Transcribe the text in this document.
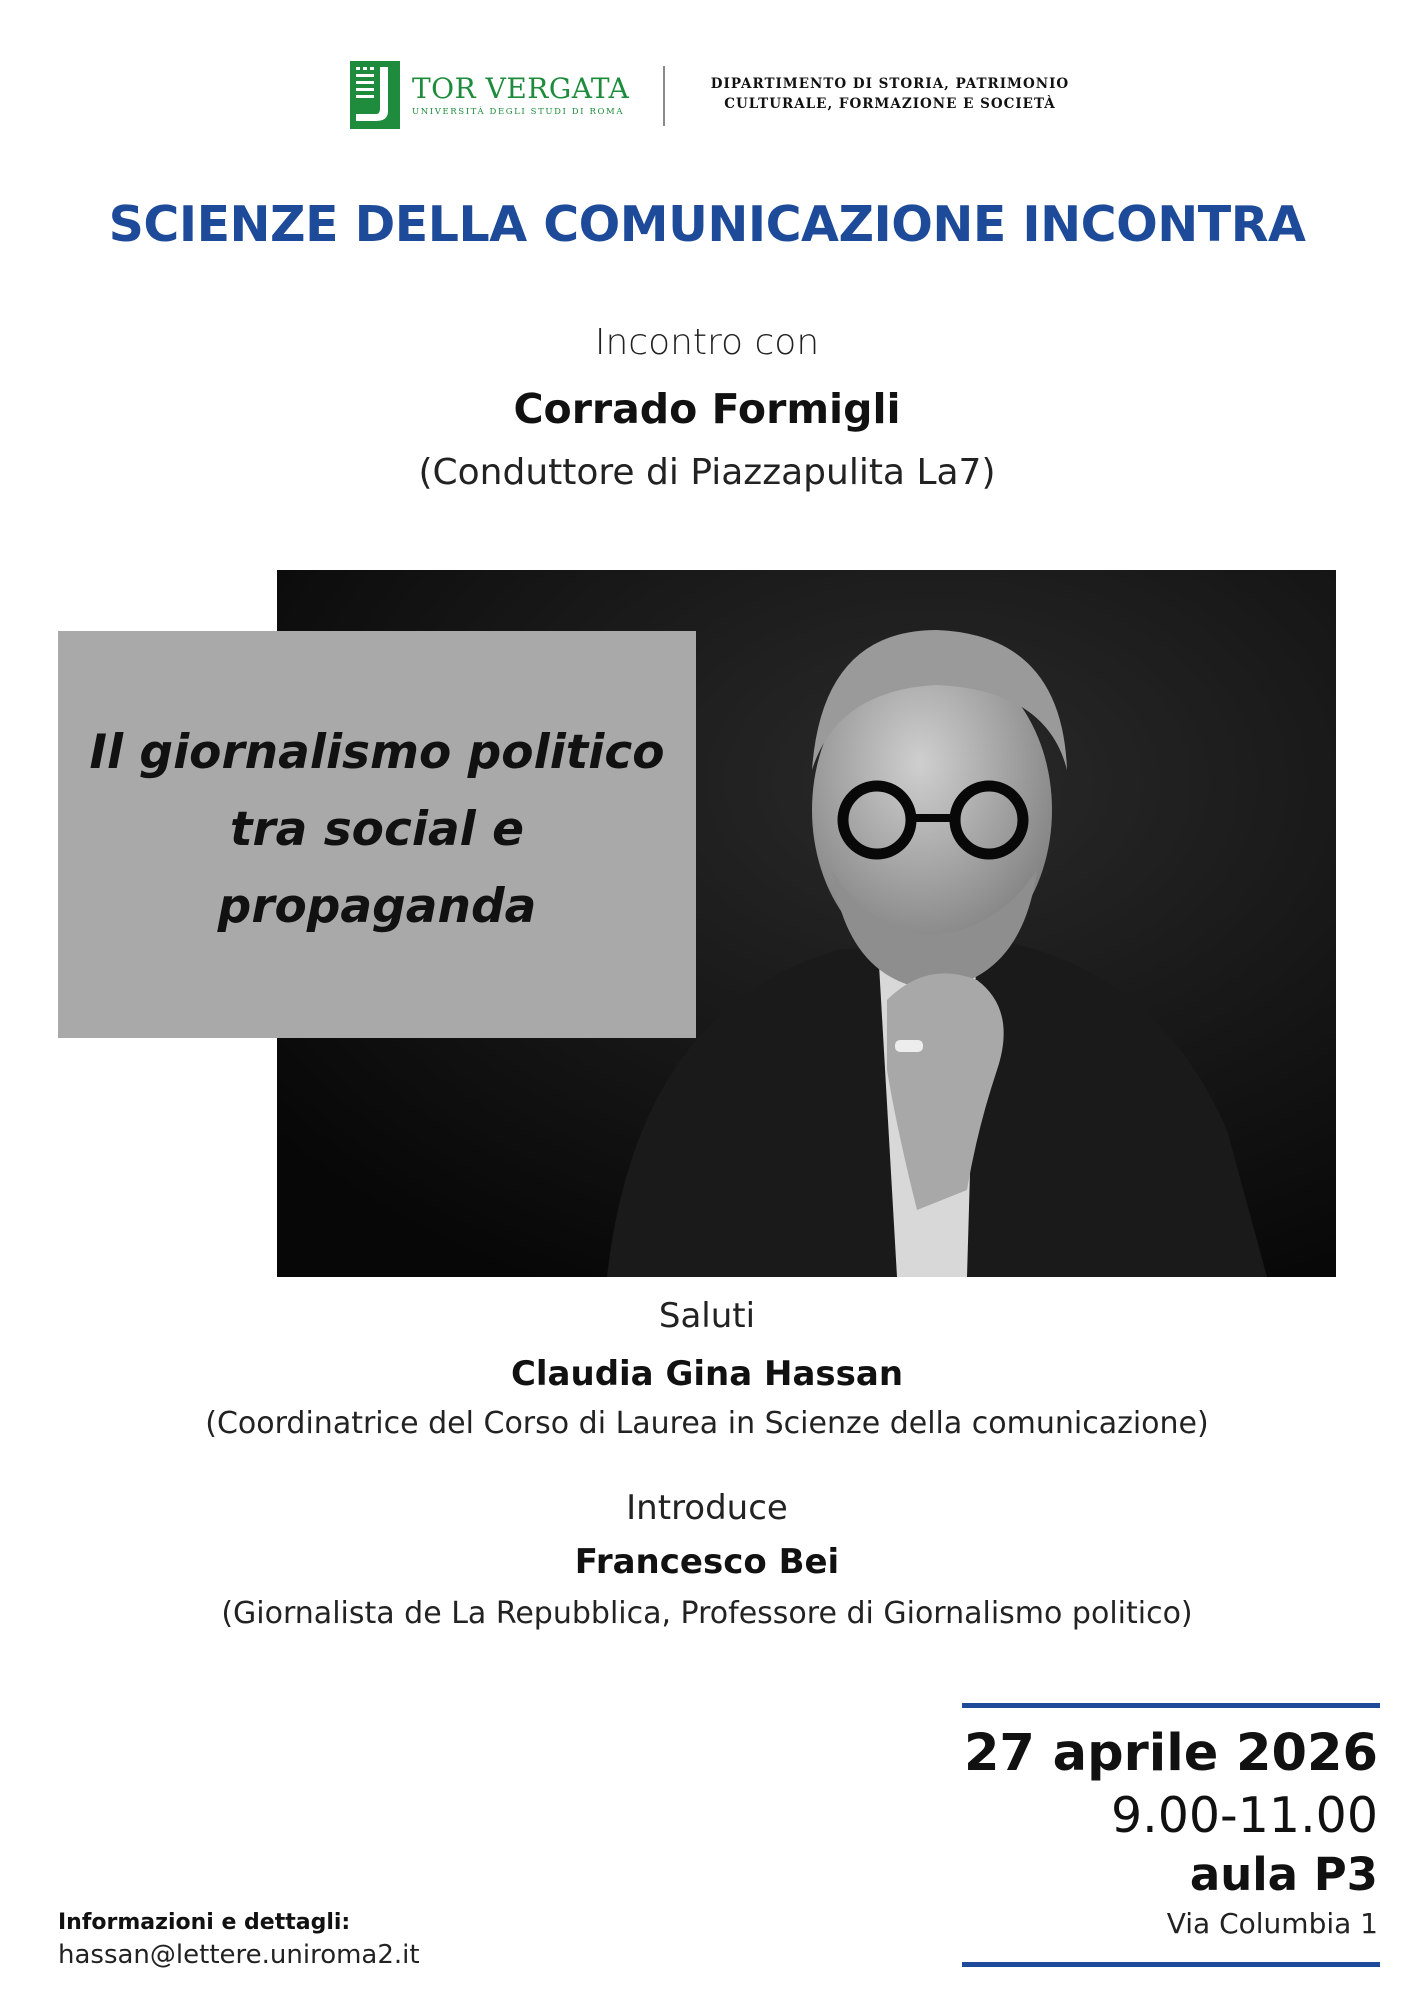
TOR VERGATA
UNIVERSITÀ DEGLI STUDI DI ROMA
DIPARTIMENTO DI STORIA, PATRIMONIO
CULTURALE, FORMAZIONE E SOCIETÀ
SCIENZE DELLA COMUNICAZIONE INCONTRA
Incontro con
Corrado Formigli
(Conduttore di Piazzapulita La7)
Il giornalismo politico
tra social e
propaganda
Saluti
Claudia Gina Hassan
(Coordinatrice del Corso di Laurea in Scienze della comunicazione)
Introduce
Francesco Bei
(Giornalista de La Repubblica, Professore di Giornalismo politico)
27 aprile 2026
9.00-11.00
aula P3
Via Columbia 1
Informazioni e dettagli:
hassan@lettere.uniroma2.it
